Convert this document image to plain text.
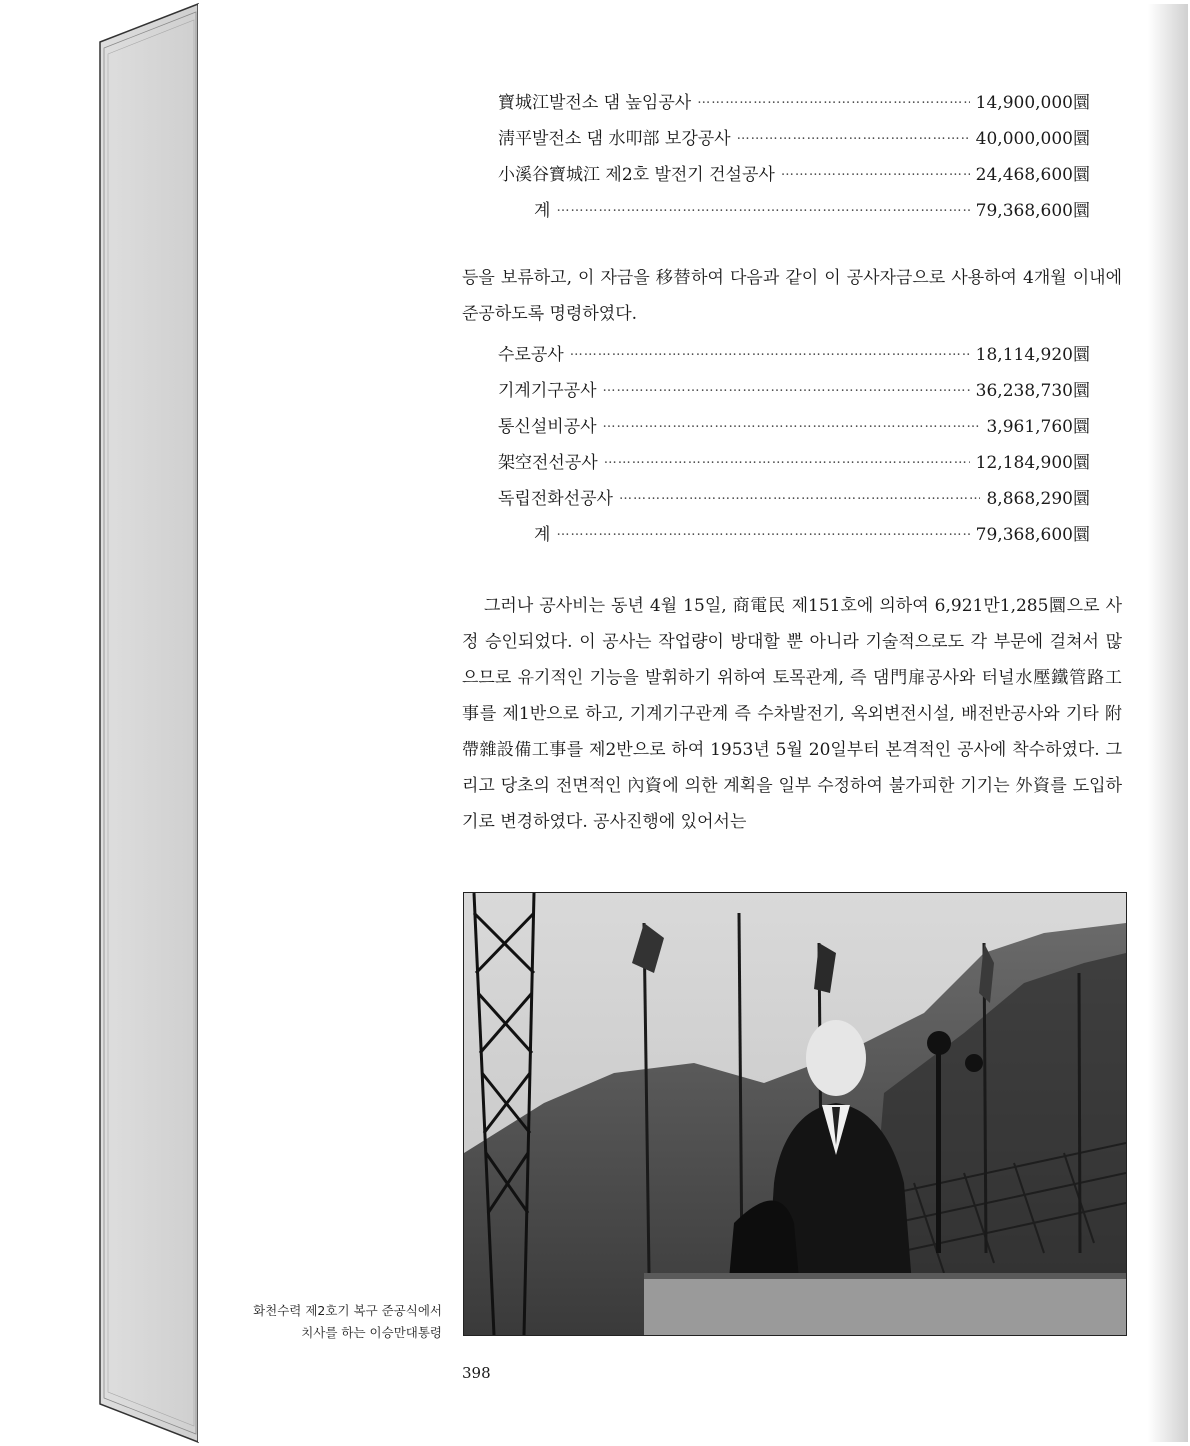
寶城江발전소 댐 높임공사 ……………………………………………………………………………………………………………………………………………………………………………	14,900,000圜
淸平발전소 댐 水叩部 보강공사 ……………………………………………………………………………………………………………………………………………………………………………	40,000,000圜
小溪谷寶城江 제2호 발전기 건설공사 ……………………………………………………………………………………………………………………………………………………………………………	24,468,600圜
계 ……………………………………………………………………………………………………………………………………………………………………………	79,368,600圜

등을 보류하고, 이 자금을 移替하여 다음과 같이 이 공사자금으로 사용하여 4개월 이내에 준공하도록 명령하였다.

수로공사 ……………………………………………………………………………………………………………………………………………………………………………	18,114,920圜
기계기구공사 ……………………………………………………………………………………………………………………………………………………………………………	36,238,730圜
통신설비공사 ……………………………………………………………………………………………………………………………………………………………………………	3,961,760圜
架空전선공사 ……………………………………………………………………………………………………………………………………………………………………………	12,184,900圜
독립전화선공사 ……………………………………………………………………………………………………………………………………………………………………………	8,868,290圜
계 ……………………………………………………………………………………………………………………………………………………………………………	79,368,600圜

그러나 공사비는 동년 4월 15일, 商電民 제151호에 의하여 6,921만1,285圜으로 사정 승인되었다. 이 공사는 작업량이 방대할 뿐 아니라 기술적으로도 각 부문에 걸쳐서 많으므로 유기적인 기능을 발휘하기 위하여 토목관계, 즉 댐門扉공사와 터널水壓鐵管路工事를 제1반으로 하고, 기계기구관계 즉 수차발전기, 옥외변전시설, 배전반공사와 기타 附帶雜設備工事를 제2반으로 하여 1953년 5월 20일부터 본격적인 공사에 착수하였다. 그리고 당초의 전면적인 內資에 의한 계획을 일부 수정하여 불가피한 기기는 外資를 도입하기로 변경하였다. 공사진행에 있어서는

화천수력 제2호기 복구 준공식에서
치사를 하는 이승만대통령
398
